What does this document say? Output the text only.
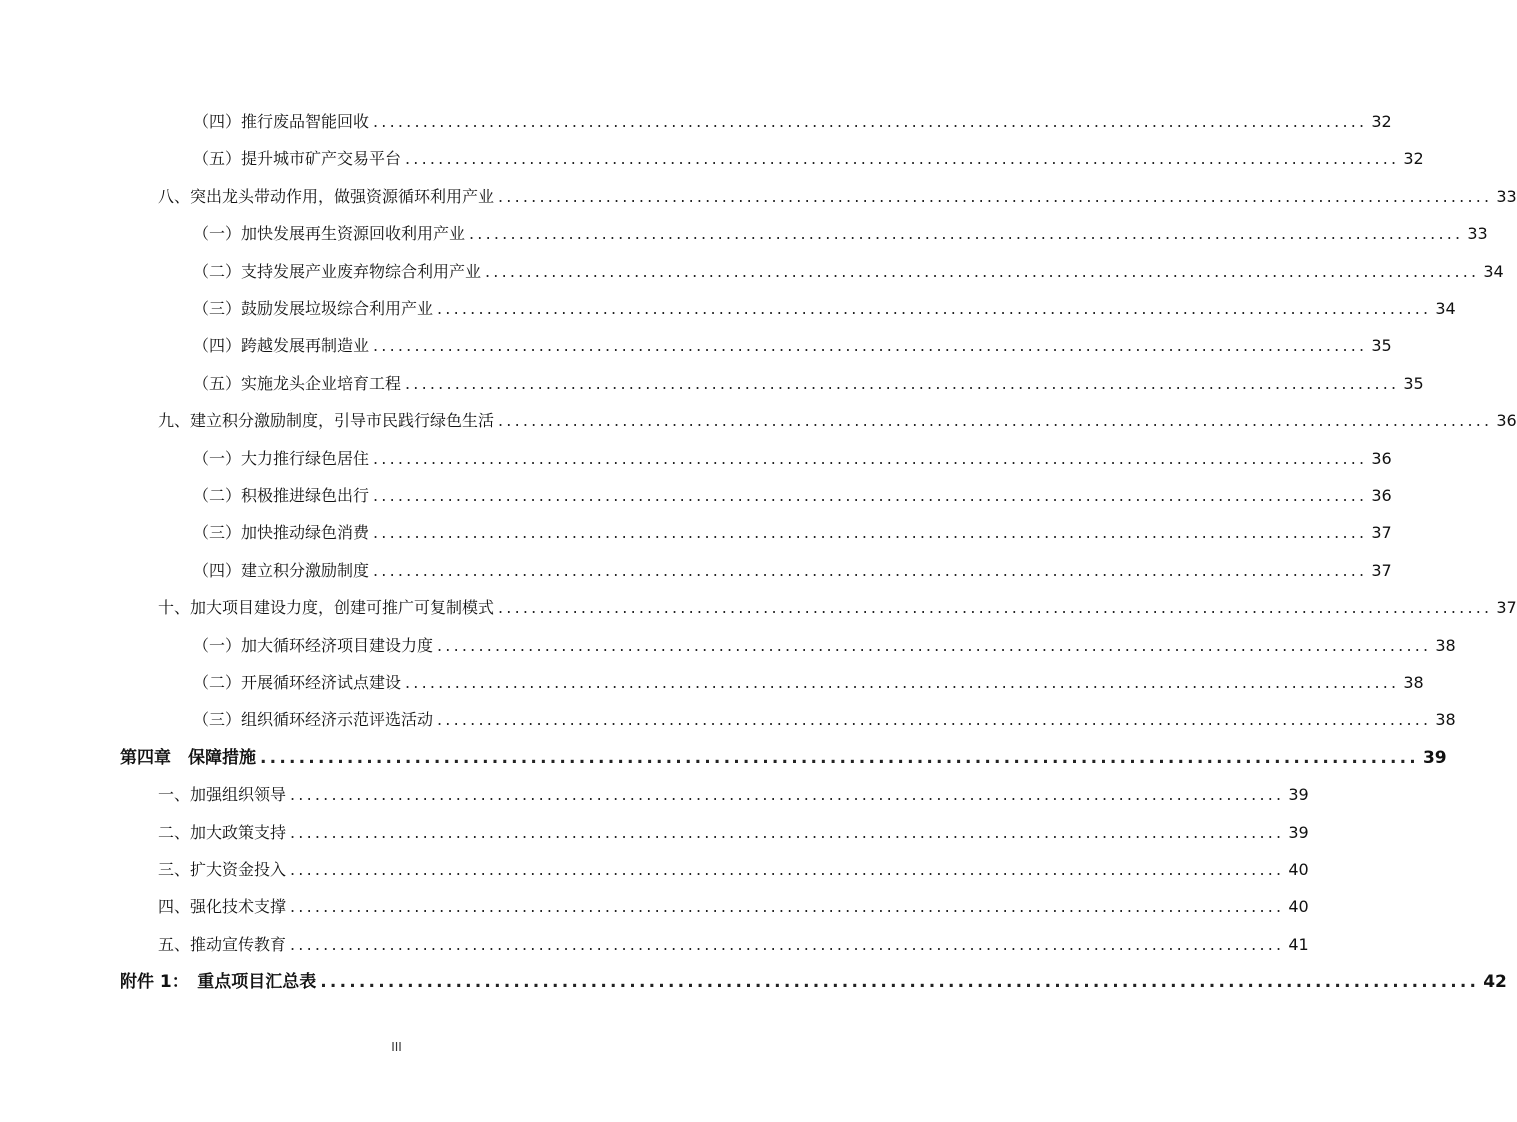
（四）推行废品智能回收 ........................................................................................................................ 32
（五）提升城市矿产交易平台 ........................................................................................................................ 32
八、突出龙头带动作用，做强资源循环利用产业 ........................................................................................................................ 33
（一）加快发展再生资源回收利用产业 ........................................................................................................................ 33
（二）支持发展产业废弃物综合利用产业 ........................................................................................................................ 34
（三）鼓励发展垃圾综合利用产业 ........................................................................................................................ 34
（四）跨越发展再制造业 ........................................................................................................................ 35
（五）实施龙头企业培育工程 ........................................................................................................................ 35
九、建立积分激励制度，引导市民践行绿色生活 ........................................................................................................................ 36
（一）大力推行绿色居住 ........................................................................................................................ 36
（二）积极推进绿色出行 ........................................................................................................................ 36
（三）加快推动绿色消费 ........................................................................................................................ 37
（四）建立积分激励制度 ........................................................................................................................ 37
十、加大项目建设力度，创建可推广可复制模式 ........................................................................................................................ 37
（一）加大循环经济项目建设力度 ........................................................................................................................ 38
（二）开展循环经济试点建设 ........................................................................................................................ 38
（三）组织循环经济示范评选活动 ........................................................................................................................ 38
第四章　保障措施 ........................................................................................................................ 39
一、加强组织领导 ........................................................................................................................ 39
二、加大政策支持 ........................................................................................................................ 39
三、扩大资金投入 ........................................................................................................................ 40
四、强化技术支撑 ........................................................................................................................ 40
五、推动宣传教育 ........................................................................................................................ 41
附件 1：　重点项目汇总表 ........................................................................................................................ 42
III
